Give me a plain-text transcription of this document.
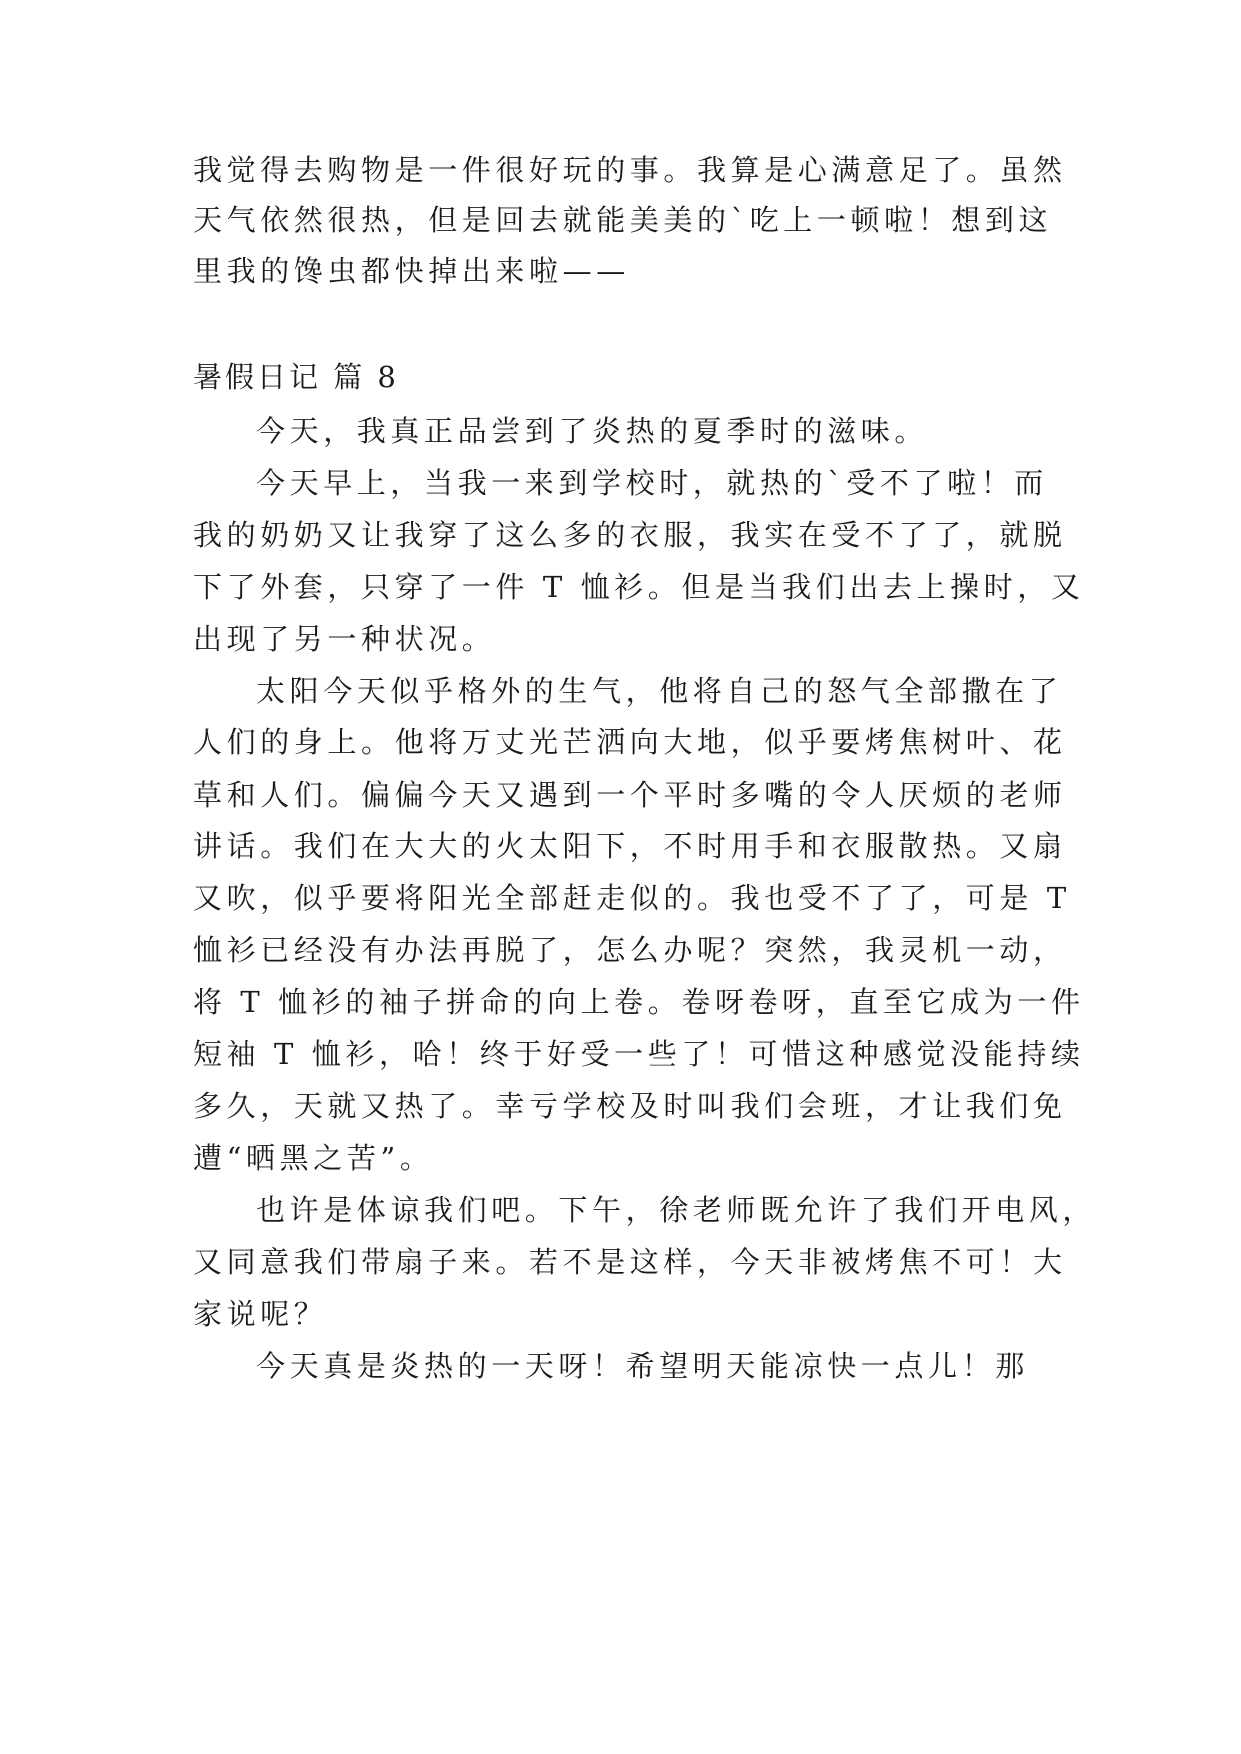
我觉得去购物是一件很好玩的事。我算是心满意足了。虽然
天气依然很热，但是回去就能美美的`吃上一顿啦！想到这
里我的馋虫都快掉出来啦——
暑假日记 篇 8
今天，我真正品尝到了炎热的夏季时的滋味。
今天早上，当我一来到学校时，就热的`受不了啦！而
我的奶奶又让我穿了这么多的衣服，我实在受不了了，就脱
下了外套，只穿了一件 T 恤衫。但是当我们出去上操时，又
出现了另一种状况。
太阳今天似乎格外的生气，他将自己的怒气全部撒在了
人们的身上。他将万丈光芒洒向大地，似乎要烤焦树叶、花
草和人们。偏偏今天又遇到一个平时多嘴的令人厌烦的老师
讲话。我们在大大的火太阳下，不时用手和衣服散热。又扇
又吹，似乎要将阳光全部赶走似的。我也受不了了，可是 T
恤衫已经没有办法再脱了，怎么办呢？突然，我灵机一动，
将 T 恤衫的袖子拼命的向上卷。卷呀卷呀，直至它成为一件
短袖 T 恤衫，哈！终于好受一些了！可惜这种感觉没能持续
多久，天就又热了。幸亏学校及时叫我们会班，才让我们免
遭“晒黑之苦”。
也许是体谅我们吧。下午，徐老师既允许了我们开电风，
又同意我们带扇子来。若不是这样，今天非被烤焦不可！大
家说呢？
今天真是炎热的一天呀！希望明天能凉快一点儿！那
